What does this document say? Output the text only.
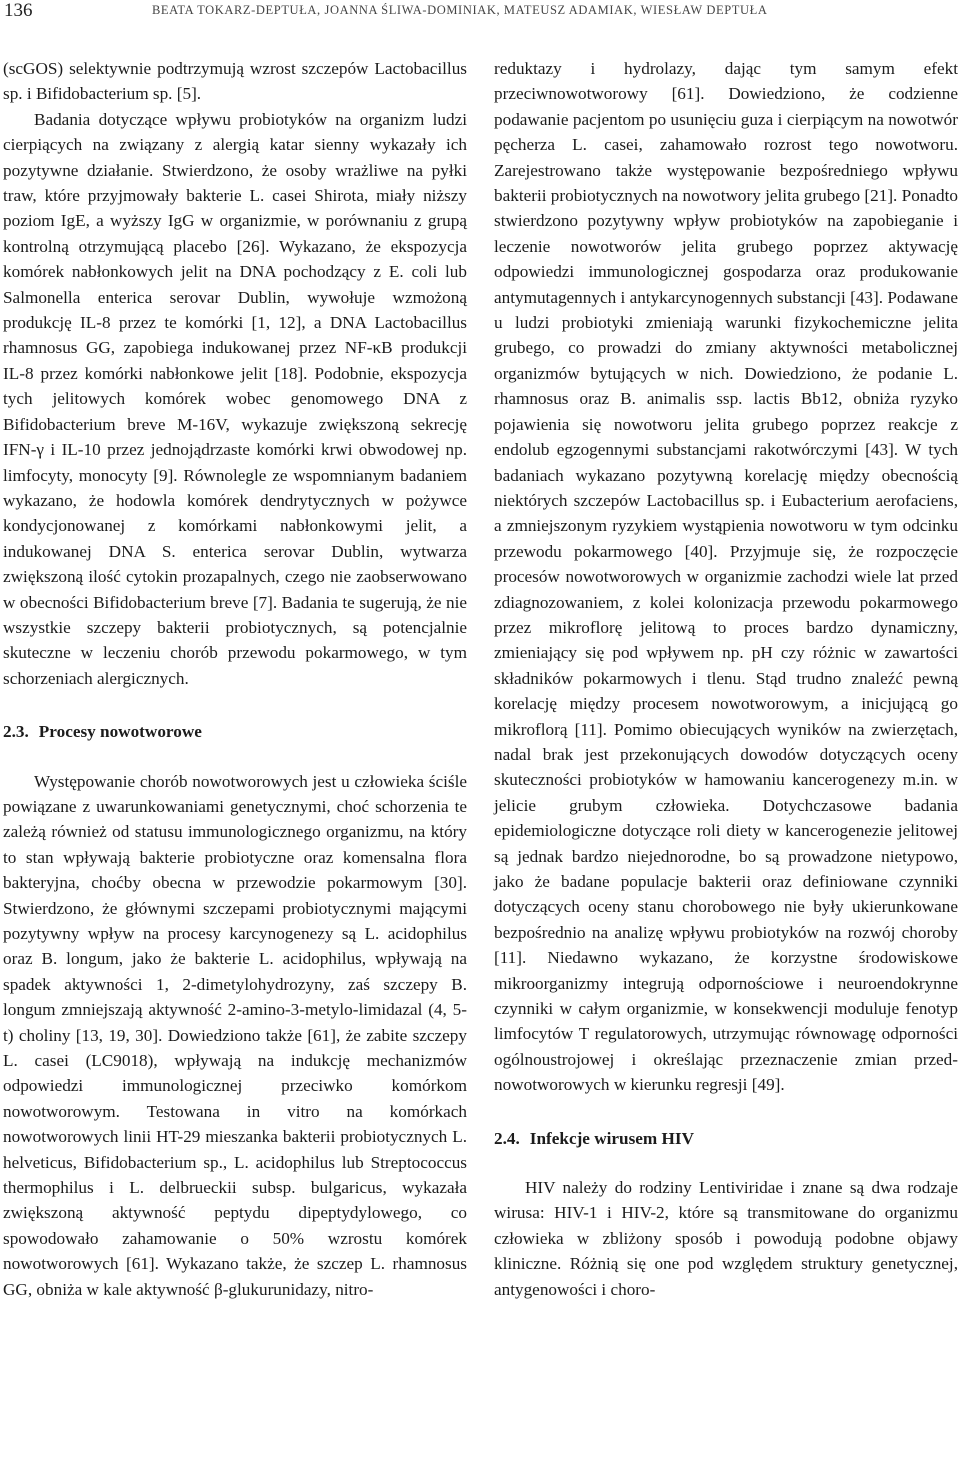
136	BEATA TOKARZ-DEPTUŁA, JOANNA ŚLIWA-DOMINIAK, MATEUSZ ADAMIAK, WIESŁAW DEPTUŁA

(scGOS) selektywnie podtrzymują wzrost szczepów Lactobacillus sp. i Bifidobacterium sp. [5].

Badania dotyczące wpływu probiotyków na organizm ludzi cierpiących na związany z alergią katar sienny wykazały ich pozytywne działanie. Stwierdzono, że osoby wrażliwe na pyłki traw, które przyjmowały bakterie L. casei Shirota, miały niższy poziom IgE, a wyższy IgG w organizmie, w porównaniu z grupą kontrolną otrzymującą placebo [26]. Wykazano, że ekspozycja komórek nabłonkowych jelit na DNA pochodzący z E. coli lub Salmonella enterica serovar Dublin, wywołuje wzmożoną produkcję IL-8 przez te komórki [1, 12], a DNA Lactobacillus rhamnosus GG, zapobiega indukowanej przez NF-κB produkcji IL-8 przez komórki nabłonkowe jelit [18]. Podobnie, ekspozycja tych jelitowych komórek wobec genomowego DNA z Bifidobacterium breve M-16V, wykazuje zwiększoną sekrecję IFN-γ i IL-10 przez jednojądrzaste komórki krwi obwodowej np. limfocyty, monocyty [9]. Równolegle ze wspomnianym badaniem wykazano, że hodowla komórek dendrytycznych w pożywce kondycjonowanej z komórkami nabłonkowymi jelit, a indukowanej DNA S. enterica serovar Dublin, wytwarza zwiększoną ilość cytokin prozapalnych, czego nie zaobserwowano w obecności Bifidobacterium breve [7]. Badania te sugerują, że nie wszystkie szczepy bakterii probiotycznych, są potencjalnie skuteczne w leczeniu chorób przewodu pokarmowego, w tym schorzeniach alergicznych.

2.3. Procesy nowotworowe

Występowanie chorób nowotworowych jest u człowieka ściśle powiązane z uwarunkowaniami genetycznymi, choć schorzenia te zależą również od statusu immunologicznego organizmu, na który to stan wpływają bakterie probiotyczne oraz komensalna flora bakteryjna, choćby obecna w przewodzie pokarmowym [30]. Stwierdzono, że głównymi szczepami probiotycznymi mającymi pozytywny wpływ na procesy karcynogenezy są L. acidophilus oraz B. longum, jako że bakterie L. acidophilus, wpływają na spadek aktywności 1, 2-dimetylohydrozyny, zaś szczepy B. longum zmniejszają aktywność 2-amino-3-metylo-limidazal (4, 5-t) choliny [13, 19, 30]. Dowiedziono także [61], że zabite szczepy L. casei (LC9018), wpływają na indukcję mechanizmów odpowiedzi immunologicznej przeciwko komórkom nowotworowym. Testowana in vitro na komórkach nowotworowych linii HT-29 mieszanka bakterii probiotycznych L. helveticus, Bifidobacterium sp., L. acidophilus lub Streptococcus thermophilus i L. delbrueckii subsp. bulgaricus, wykazała zwiększoną aktywność peptydu dipeptydylowego, co spowodowało zahamowanie o 50% wzrostu komórek nowotworowych [61]. Wykazano także, że szczep L. rhamnosus GG, obniża w kale aktywność β-glukurunidazy, nitro-

reduktazy i hydrolazy, dając tym samym efekt przeciwnowotworowy [61]. Dowiedziono, że codzienne podawanie pacjentom po usunięciu guza i cierpiącym na nowotwór pęcherza L. casei, zahamowało rozrost tego nowotworu. Zarejestrowano także występowanie bezpośredniego wpływu bakterii probiotycznych na nowotwory jelita grubego [21]. Ponadto stwierdzono pozytywny wpływ probiotyków na zapobieganie i leczenie nowotworów jelita grubego poprzez aktywację odpowiedzi immunologicznej gospodarza oraz produkowanie antymutagennych i antykarcynogennych substancji [43]. Podawane u ludzi probiotyki zmieniają warunki fizykochemiczne jelita grubego, co prowadzi do zmiany aktywności metabolicznej organizmów bytujących w nich. Dowiedziono, że podanie L. rhamnosus oraz B. animalis ssp. lactis Bb12, obniża ryzyko pojawienia się nowotworu jelita grubego poprzez reakcje z endolub egzogennymi substancjami rakotwórczymi [43]. W tych badaniach wykazano pozytywną korelację między obecnością niektórych szczepów Lactobacillus sp. i Eubacterium aerofaciens, a zmniejszonym ryzykiem wystąpienia nowotworu w tym odcinku przewodu pokarmowego [40]. Przyjmuje się, że rozpoczęcie procesów nowotworowych w organizmie zachodzi wiele lat przed zdiagnozowaniem, z kolei kolonizacja przewodu pokarmowego przez mikroflorę jelitową to proces bardzo dynamiczny, zmieniający się pod wpływem np. pH czy różnic w zawartości składników pokarmowych i tlenu. Stąd trudno znaleźć pewną korelację między procesem nowotworowym, a inicjującą go mikroflorą [11]. Pomimo obiecujących wyników na zwierzętach, nadal brak jest przekonujących dowodów dotyczących oceny skuteczności probiotyków w hamowaniu kancerogenezy m.in. w jelicie grubym człowieka. Dotychczasowe badania epidemiologiczne dotyczące roli diety w kancerogenezie jelitowej są jednak bardzo niejednorodne, bo są prowadzone nietypowo, jako że badane populacje bakterii oraz definiowane czynniki dotyczących oceny stanu chorobowego nie były ukierunkowane bezpośrednio na analizę wpływu probiotyków na rozwój choroby [11]. Niedawno wykazano, że korzystne środowiskowe mikroorganizmy integrują odpornościowe i neuroendokrynne czynniki w całym organizmie, w konsekwencji moduluje fenotyp limfocytów T regulatorowych, utrzymując równowagę odporności ogólnoustrojowej i określając przeznaczenie zmian przed-nowotworowych w kierunku regresji [49].

2.4. Infekcje wirusem HIV

HIV należy do rodziny Lentiviridae i znane są dwa rodzaje wirusa: HIV-1 i HIV-2, które są transmitowane do organizmu człowieka w zbliżony sposób i powodują podobne objawy kliniczne. Różnią się one pod względem struktury genetycznej, antygenowości i choro-
